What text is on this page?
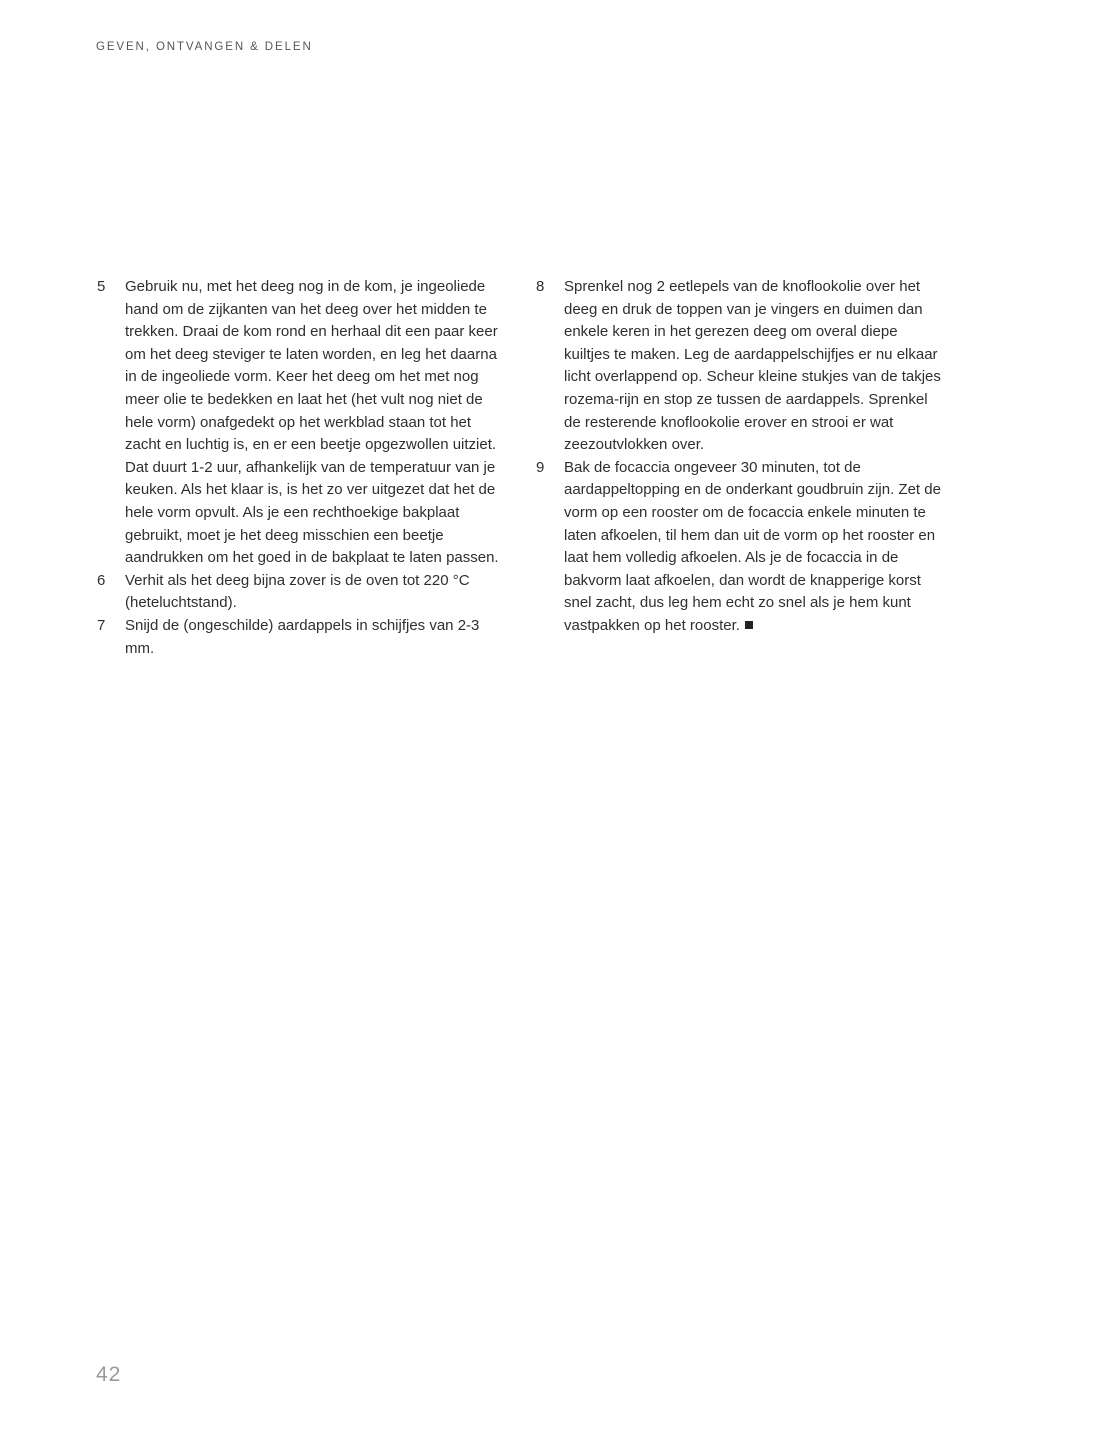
GEVEN, ONTVANGEN & DELEN
5	Gebruik nu, met het deeg nog in de kom, je ingeoliede hand om de zijkanten van het deeg over het midden te trekken. Draai de kom rond en herhaal dit een paar keer om het deeg steviger te laten worden, en leg het daarna in de ingeoliede vorm. Keer het deeg om het met nog meer olie te bedekken en laat het (het vult nog niet de hele vorm) onafgedekt op het werkblad staan tot het zacht en luchtig is, en er een beetje opgezwollen uitziet. Dat duurt 1-2 uur, afhankelijk van de temperatuur van je keuken. Als het klaar is, is het zo ver uitgezet dat het de hele vorm opvult. Als je een rechthoekige bakplaat gebruikt, moet je het deeg misschien een beetje aandrukken om het goed in de bakplaat te laten passen.
6	Verhit als het deeg bijna zover is de oven tot 220 °C (heteluchtstand).
7	Snijd de (ongeschilde) aardappels in schijfjes van 2-3 mm.
8	Sprenkel nog 2 eetlepels van de knoflookolie over het deeg en druk de toppen van je vingers en duimen dan enkele keren in het gerezen deeg om overal diepe kuiltjes te maken. Leg de aardappelschijfjes er nu elkaar licht overlappend op. Scheur kleine stukjes van de takjes rozema-rijn en stop ze tussen de aardappels. Sprenkel de resterende knoflookolie erover en strooi er wat zeezoutvlokken over.
9	Bak de focaccia ongeveer 30 minuten, tot de aardappeltopping en de onderkant goudbruin zijn. Zet de vorm op een rooster om de focaccia enkele minuten te laten afkoelen, til hem dan uit de vorm op het rooster en laat hem volledig afkoelen. Als je de focaccia in de bakvorm laat afkoelen, dan wordt de knapperige korst snel zacht, dus leg hem echt zo snel als je hem kunt vastpakken op het rooster.
42
